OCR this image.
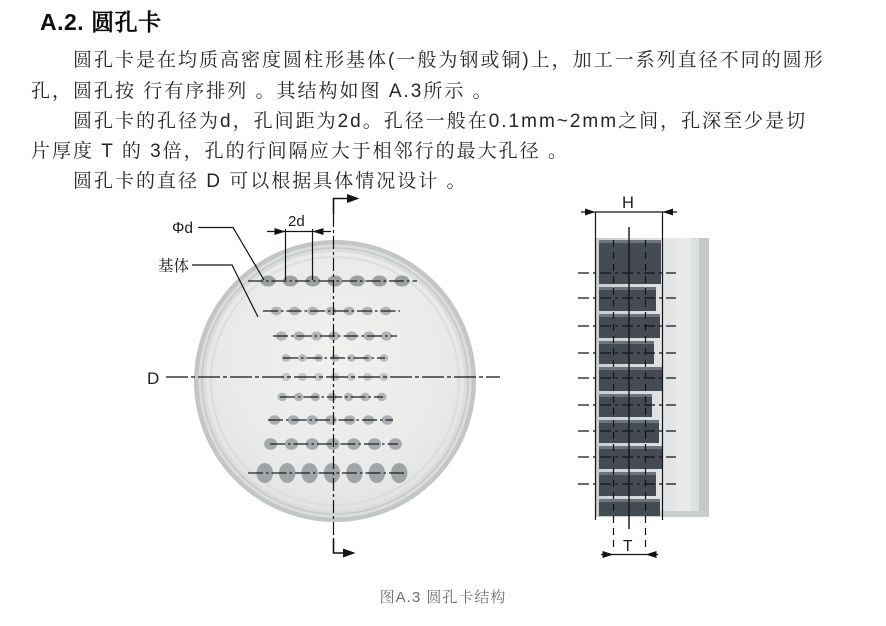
A.2. 圆孔卡
圆孔卡是在均质高密度圆柱形基体(一般为钢或铜)上，加工一系列直径不同的圆形
孔，圆孔按 行有序排列 。其结构如图 A.3所示 。
圆孔卡的孔径为d，孔间距为2d。孔径一般在0.1mm~2mm之间，孔深至少是切
片厚度 T 的 3倍，孔的行间隔应大于相邻行的最大孔径 。
圆孔卡的直径 D 可以根据具体情况设计 。
D
2d
Φd
基体
H
T
图A.3 圆孔卡结构
